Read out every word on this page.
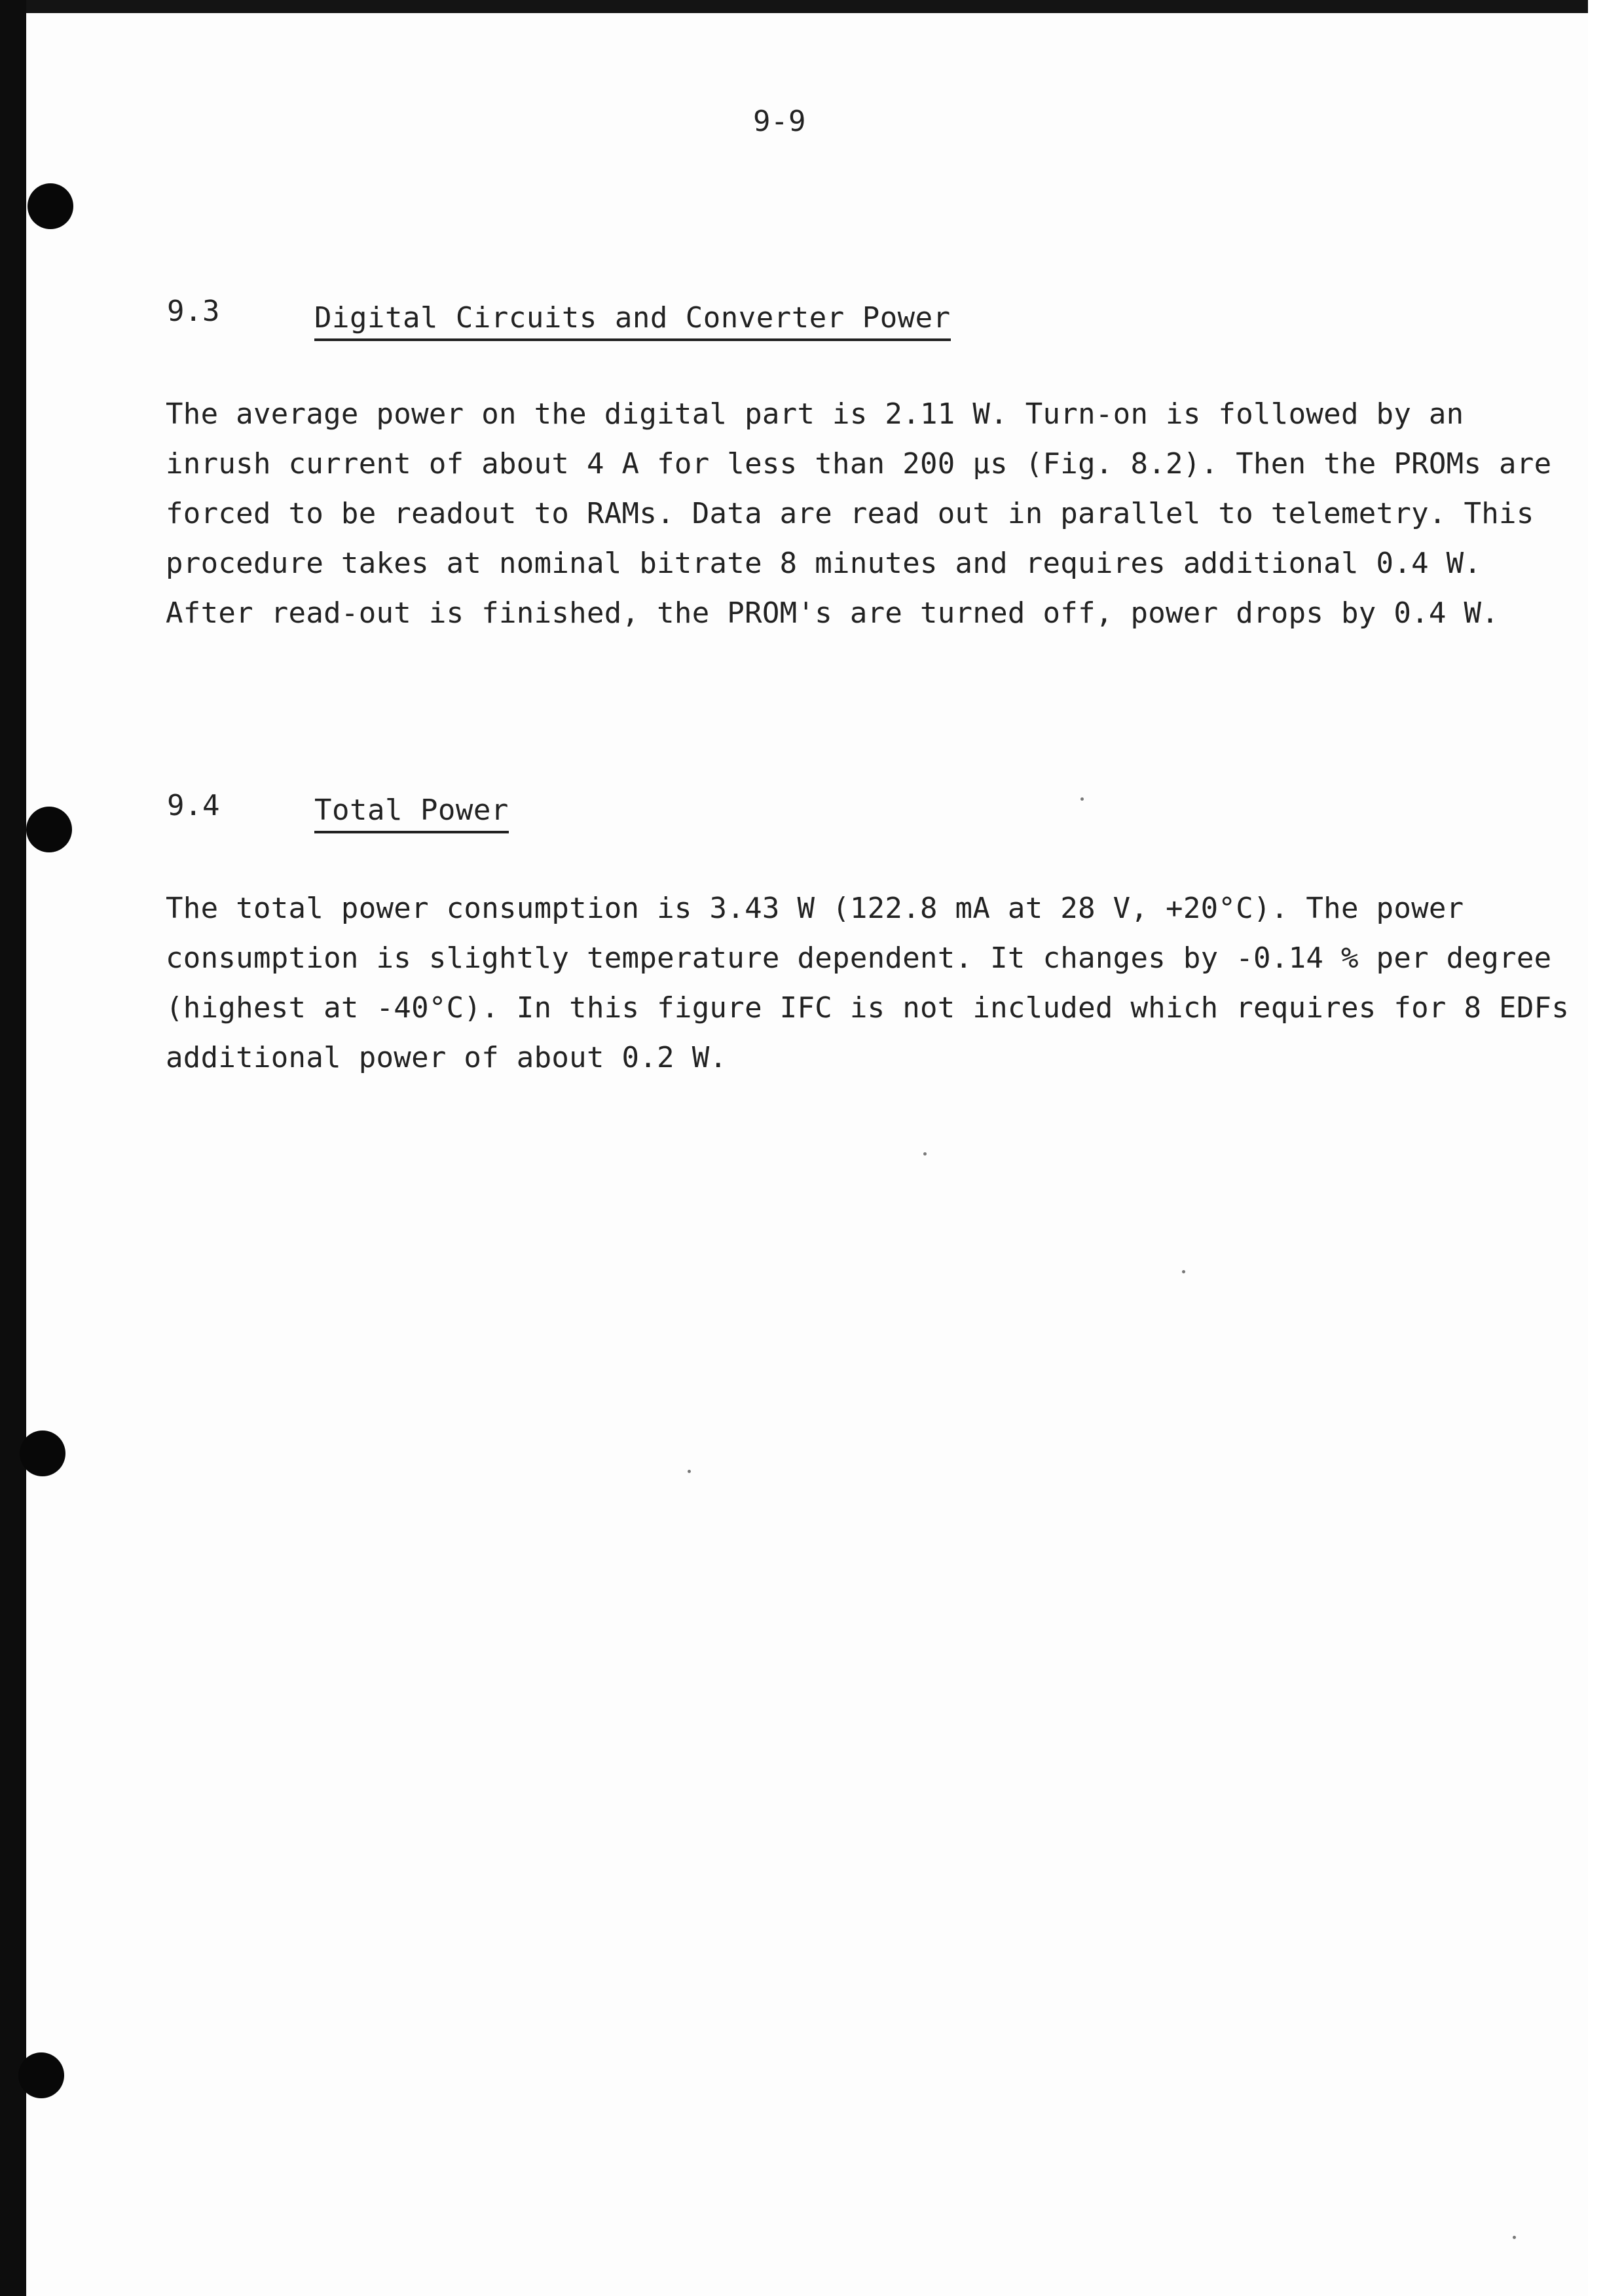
9-9
9.3	Digital Circuits and Converter Power
The average power on the digital part is 2.11 W. Turn-on is followed by an
inrush current of about 4 A for less than 200 µs (Fig. 8.2). Then the PROMs are
forced to be readout to RAMs. Data are read out in parallel to telemetry. This
procedure takes at nominal bitrate 8 minutes and requires additional 0.4 W.
After read-out is finished, the PROM's are turned off, power drops by 0.4 W.
9.4	Total Power
The total power consumption is 3.43 W (122.8 mA at 28 V, +20°C). The power
consumption is slightly temperature dependent. It changes by -0.14 % per degree
(highest at -40°C). In this figure IFC is not included which requires for 8 EDFs
additional power of about 0.2 W.
